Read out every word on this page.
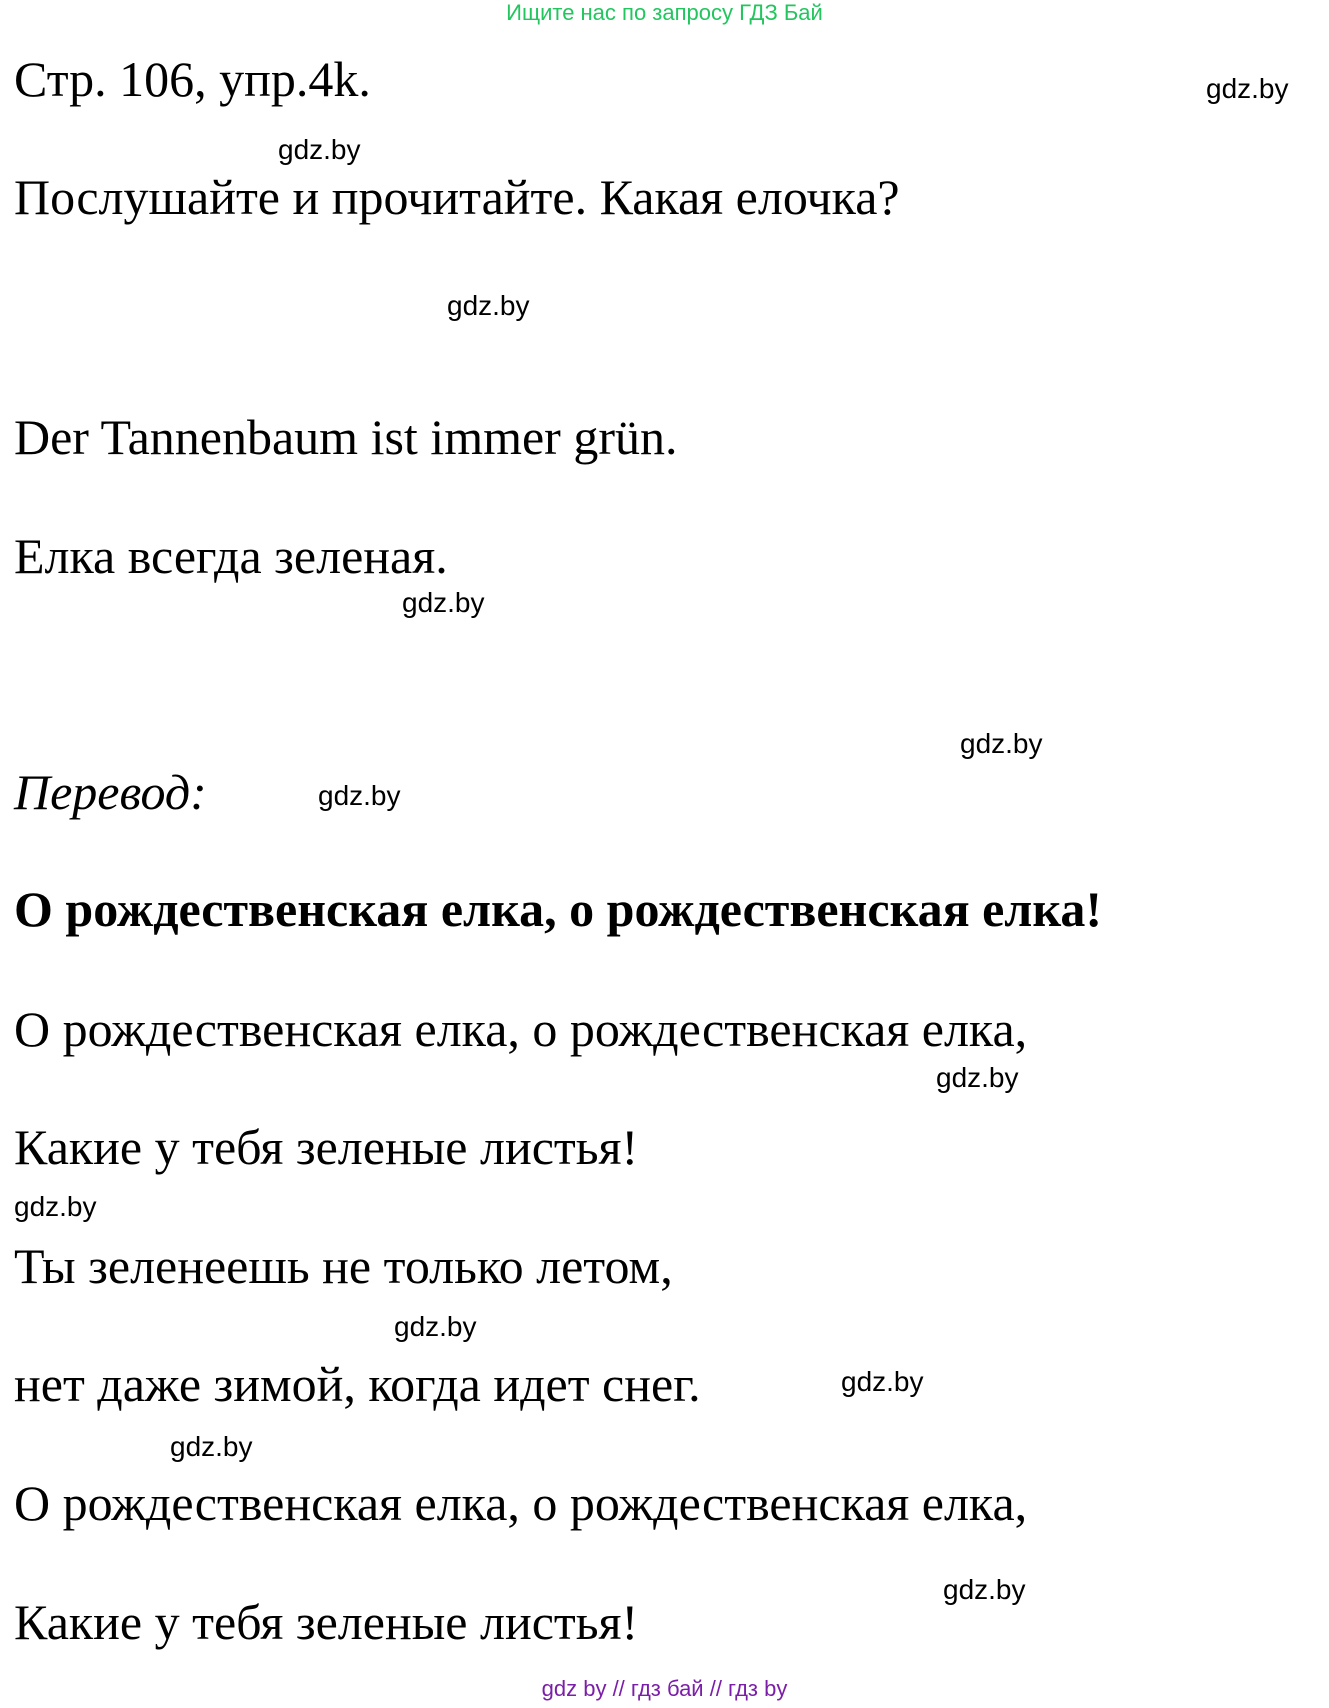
Ищите нас по запросу ГДЗ Бай
Стр. 106, упр.4k.	gdz.by
gdz.by
Послушайте и прочитайте. Какая елочка?
gdz.by
Der Tannenbaum ist immer grün.
Елка всегда зеленая.
gdz.by
gdz.by
Перевод:	gdz.by
О рождественская елка, о рождественская елка!
О рождественская елка, о рождественская елка,
gdz.by
Какие у тебя зеленые листья!
gdz.by
Ты зеленеешь не только летом,
gdz.by
нет даже зимой, когда идет снег.	gdz.by
gdz.by
О рождественская елка, о рождественская елка,
gdz.by
Какие у тебя зеленые листья!
gdz by // гдз бай // гдз by
